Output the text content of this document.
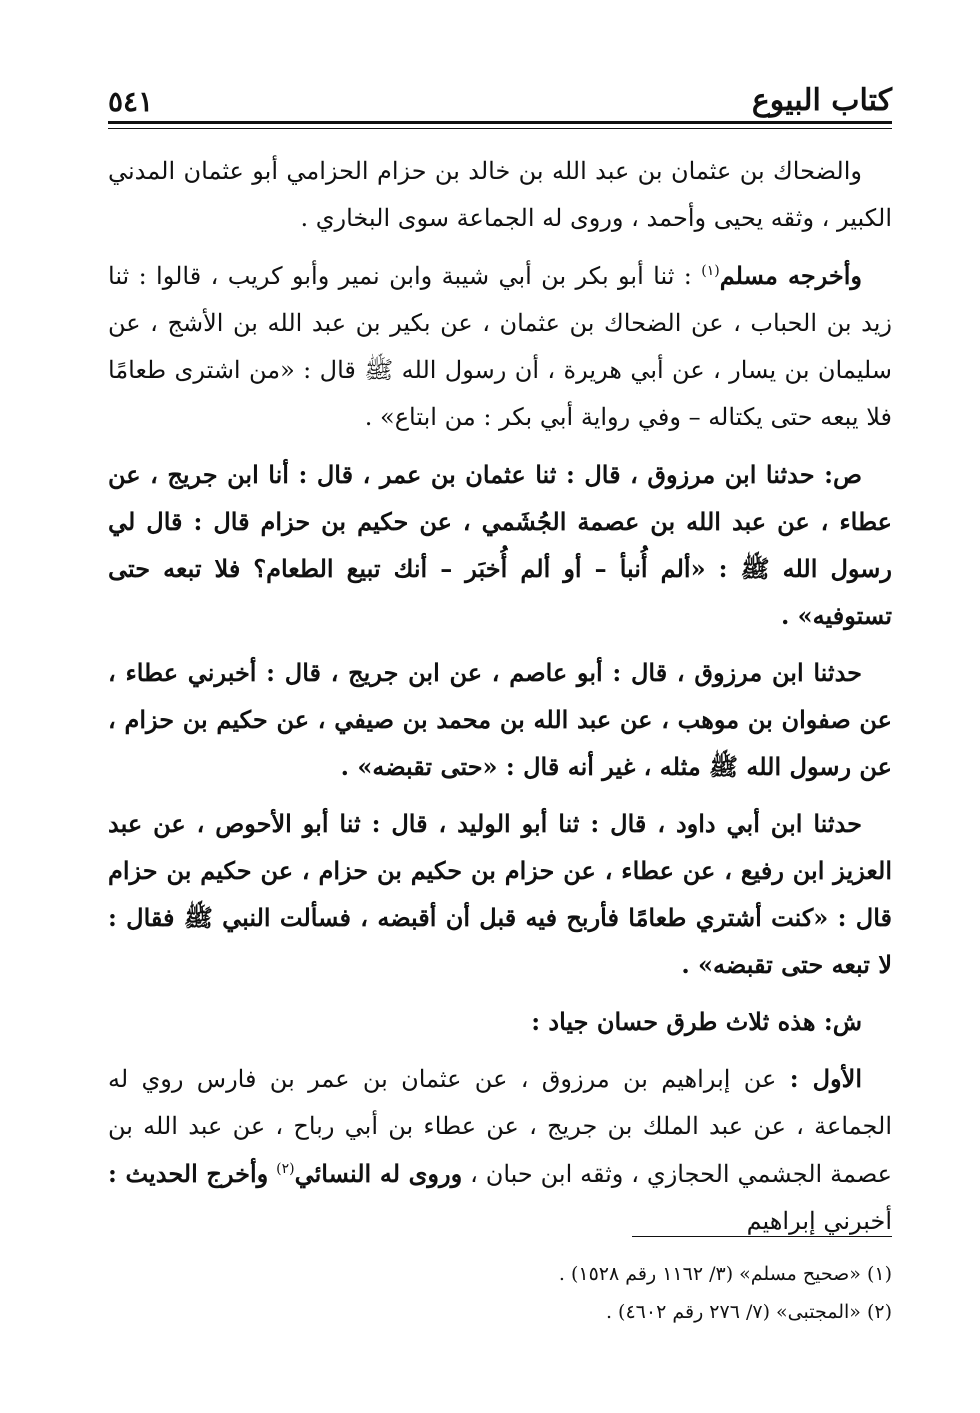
٥٤١	كتاب البيوع

والضحاك بن عثمان بن عبد الله بن خالد بن حزام الحزامي أبو عثمان المدني الكبير ، وثقه يحيى وأحمد ، وروى له الجماعة سوى البخاري .

وأخرجه مسلم$^{(١)}$ : ثنا أبو بكر بن أبي شيبة وابن نمير وأبو كريب ، قالوا : ثنا زيد بن الحباب ، عن الضحاك بن عثمان ، عن بكير بن عبد الله بن الأشج ، عن سليمان بن يسار ، عن أبي هريرة ، أن رسول الله ﷺ قال : «من اشترى طعامًا فلا يبعه حتى يكتاله – وفي رواية أبي بكر : من ابتاع» .

ص: حدثنا ابن مرزوق ، قال : ثنا عثمان بن عمر ، قال : أنا ابن جريج ، عن عطاء ، عن عبد الله بن عصمة الجُشَمي ، عن حكيم بن حزام قال : قال لي رسول الله ﷺ : «ألم أُنبأ – أو ألم أُخبَر – أنك تبيع الطعام؟ فلا تبعه حتى تستوفيه» .

حدثنا ابن مرزوق ، قال : أبو عاصم ، عن ابن جريج ، قال : أخبرني عطاء ، عن صفوان بن موهب ، عن عبد الله بن محمد بن صيفي ، عن حكيم بن حزام ، عن رسول الله ﷺ مثله ، غير أنه قال : «حتى تقبضه» .

حدثنا ابن أبي داود ، قال : ثنا أبو الوليد ، قال : ثنا أبو الأحوص ، عن عبد العزيز ابن رفيع ، عن عطاء ، عن حزام بن حكيم بن حزام ، عن حكيم بن حزام قال : «كنت أشتري طعامًا فأربح فيه قبل أن أقبضه ، فسألت النبي ﷺ فقال : لا تبعه حتى تقبضه» .

ش: هذه ثلاث طرق حسان جياد :

الأول : عن إبراهيم بن مرزوق ، عن عثمان بن عمر بن فارس روي له الجماعة ، عن عبد الملك بن جريج ، عن عطاء بن أبي رباح ، عن عبد الله بن عصمة الجشمي الحجازي ، وثقه ابن حبان ، وروى له النسائي$^{(٢)}$ وأخرج الحديث : أخبرني إبراهيم

(١) «صحيح مسلم» (٣/ ١١٦٢ رقم ١٥٢٨) .
(٢) «المجتبى» (٧/ ٢٧٦ رقم ٤٦٠٢) .
